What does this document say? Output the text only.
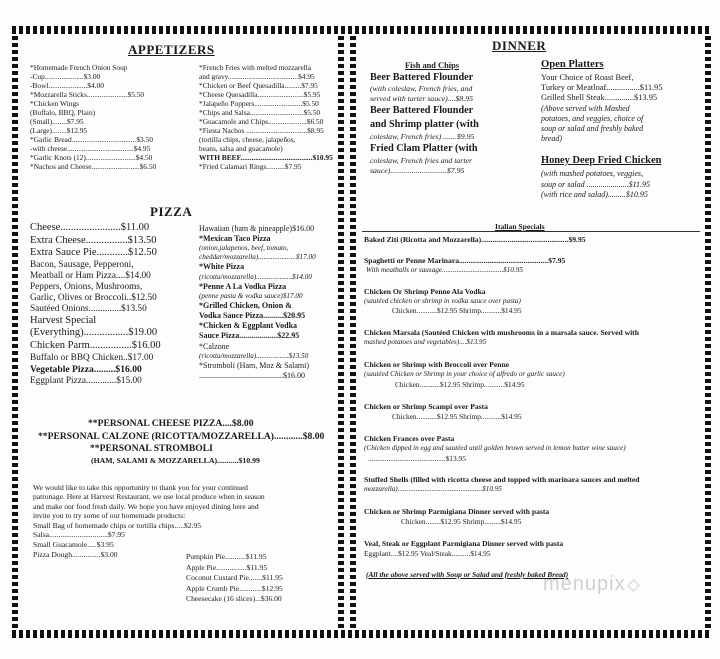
APPETIZERS
*Homemade French Onion Soup
-Cup.....................$3.00
-Bowl.....................$4.00
*Mozzarella Sticks......................$5.50
*Chicken Wings
(Buffalo, BBQ, Plain)
(Small)........$7.95
(Large)........$12.95
*Garlic Bread...................................$3.50
-with cheese....................................$4.95
*Garlic Knots (12)...........................$4.50
*Nachos and Cheese..........................$6.50
*French Fries with melted mozzarella
and gravy......................................$4.95
*Chicken or Beef Quesadilla.........$7.95
*Cheese Quesadilla.........................$5.95
*Jalapeño Poppers..........................$5.50
*Chips and Salsa.............................$5.50
*Guacamole and Chips.....................$6.50
*Fiesta Nachos .................................$8.95
(tortilla chips, cheese, jalapeños,
beans, salsa and guacamole)
WITH BEEF.......................................$10.95
*Fried Calamari Rings..........$7.95
PIZZA
Cheese.......................$11.00
Extra Cheese................$13.50
Extra Sauce Pie............$12.50
Bacon, Sausage, Pepperoni,
Meatball or Ham Pizza....$14.00
Peppers, Onions, Mushrooms,
Garlic, Olives or Broccoli..$12.50
Sautéed Onions..............$13.50
Harvest Special
(Everything).................$19.00
Chicken Parm................$16.00
Buffalo or BBQ Chicken..$17.00
Vegetable Pizza.........$16.00
Eggplant Pizza.............$15.00
Hawaiian (ham & pineapple)$16.00
*Mexican Taco Pizza
(onion,jalapenos, beef, tomato,
cheddar/mozzarella).....................$17.00
*White Pizza
(ricotta/mozzarella)....................$14.00
*Penne A La Vodka Pizza
(penne pasta & vodka sauce)$17.00
*Grilled Chicken, Onion &
Vodka Sauce Pizza..........$20.95
*Chicken & Eggplant Vodka
Sauce Pizza...................$22.95
*Calzone
(ricotta/mozzarella)..................$13.50
*Stromboli (Ham, Moz & Salami)
..........................................$16.00
**PERSONAL CHEESE PIZZA....$8.00
**PERSONAL CALZONE (RICOTTA/MOZZARELLA)............$8.00
**PERSONAL STROMBOLI
(HAM, SALAMI & MOZZARELLA)...........$10.99
We would like to take this opportunity to thank you for your continued
patronage. Here at Harvest Restaurant, we use local produce when in season
and make our food fresh daily. We hope you have enjoyed dining here and
invite you to try some of our homemade products:
Small Bag of homemade chips or tortilla chips.....$2.95
Salsa...............................$7.95
Small Guacamole.....$3.95
Pizza Dough...............$3.00	Pumpkin Pie...........$11.95
Apple Pie................$11.95
Coconut Custard Pie.......$11.95
Apple Crumb Pie............$12.95
Cheesecake (16 slices)...$36.00
DINNER
Fish and Chips
Beer Battered Flounder
(with coleslaw, French fries, and
served with tarter sauce)....$8.95
Beer Battered Flounder
and Shrimp platter (with
coleslaw, French fries) .......$9.95
Fried Clam Platter (with
coleslaw, French fries and tarter
sauce).............................$7.95
Open Platters
Your Choice of Roast Beef,
Turkey or Meatloaf................$11.95
Grilled Shell Steak..............$13.95
(Above served with Mashed
potatoes, and veggies, choice of
soup or salad and freshly baked
bread)
Honey Deep Fried Chicken
(with mashed potatoes, veggies,
soup or salad .....................$11.95
(with rice and salad).........$10.95
Italian Specials
Baked Ziti (Ricotta and Mozzarella)..............................................$9.95
Spaghetti or Penne Marinara...............................................$7.95
With meatballs or sausage..................................$10.95
Chicken Or Shrimp Penne Ala Vodka
(sautéed chicken or shrimp in vodka sauce over pasta)
Chicken...........$12.95 Shrimp...........$14.95
Chicken Marsala (Sautéed Chicken with mushrooms in a marsala sauce. Served with
mashed potatoes and vegetables)....$13.95
Chicken or Shrimp with Broccoli over Penne
(sautéed Chicken or Shrimp in your choice of alfredo or garlic sauce)
Chicken...........$12.95 Shrimp...........$14.95
Chicken or Shrimp Scampi over Pasta
Chicken...........$12.95 Shrimp...........$14.95
Chicken Frances over Pasta
(Chicken dipped in egg and sautéed until golden brown served in lemon butter wine sauce)
..........................................$13.95
Stuffed Shells (filled with ricotta cheese and topped with marinara sauces and melted
mozzarella)...............................................$10.95
Chicken or Shrimp Parmigiana Dinner served with pasta
Chicken........$12.95 Shrimp.........$14.95
Veal, Steak or Eggplant Parmigiana Dinner served with pasta
Eggplant....$12.95 Veal/Steak..........$14.95
(All the above served with Soup or Salad and freshly baked Bread)
menupix
